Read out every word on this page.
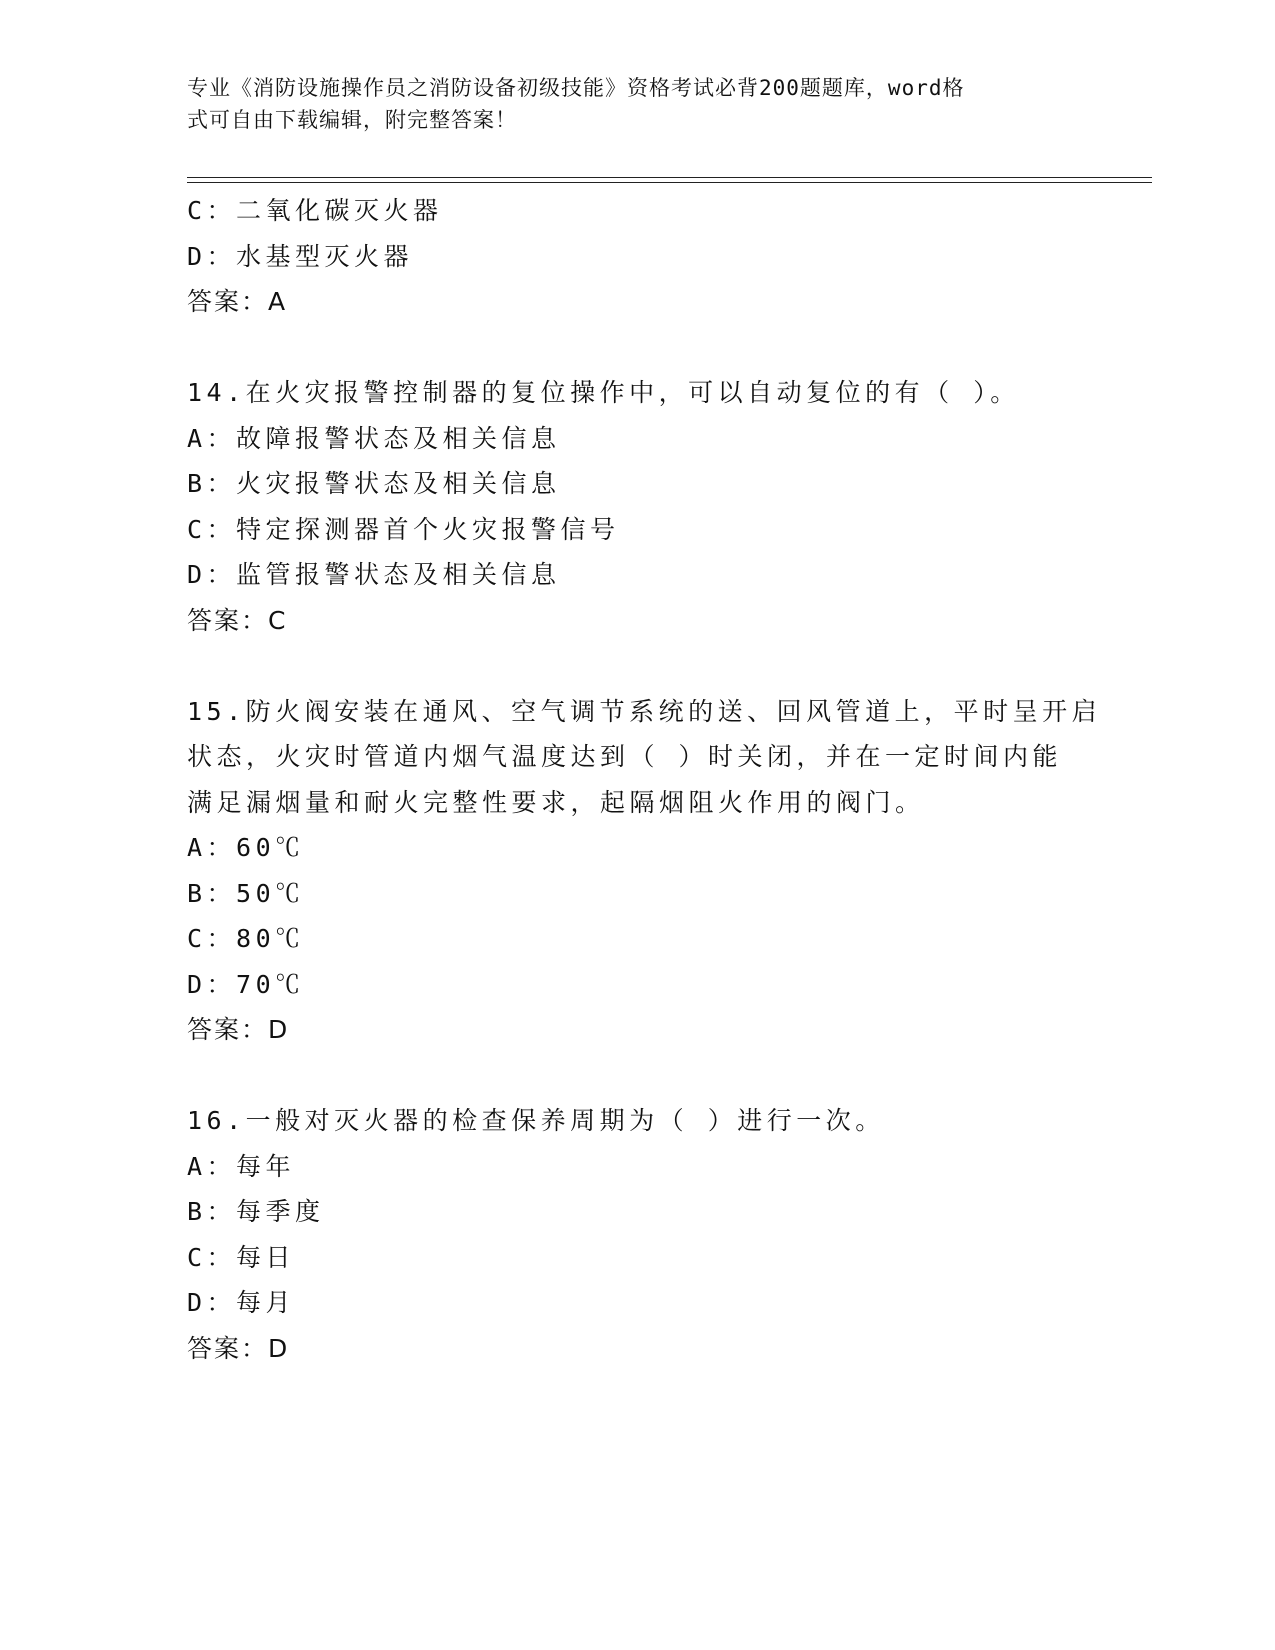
专业《消防设施操作员之消防设备初级技能》资格考试必背200题题库，word格
式可自由下载编辑，附完整答案！
C：二氧化碳灭火器
D：水基型灭火器
答案：A
14.在火灾报警控制器的复位操作中，可以自动复位的有（ ）。
A：故障报警状态及相关信息
B：火灾报警状态及相关信息
C：特定探测器首个火灾报警信号
D：监管报警状态及相关信息
答案：C
15.防火阀安装在通风、空气调节系统的送、回风管道上，平时呈开启
状态，火灾时管道内烟气温度达到（ ）时关闭，并在一定时间内能
满足漏烟量和耐火完整性要求，起隔烟阻火作用的阀门。
A：60℃
B：50℃
C：80℃
D：70℃
答案：D
16.一般对灭火器的检查保养周期为（ ）进行一次。
A：每年
B：每季度
C：每日
D：每月
答案：D
